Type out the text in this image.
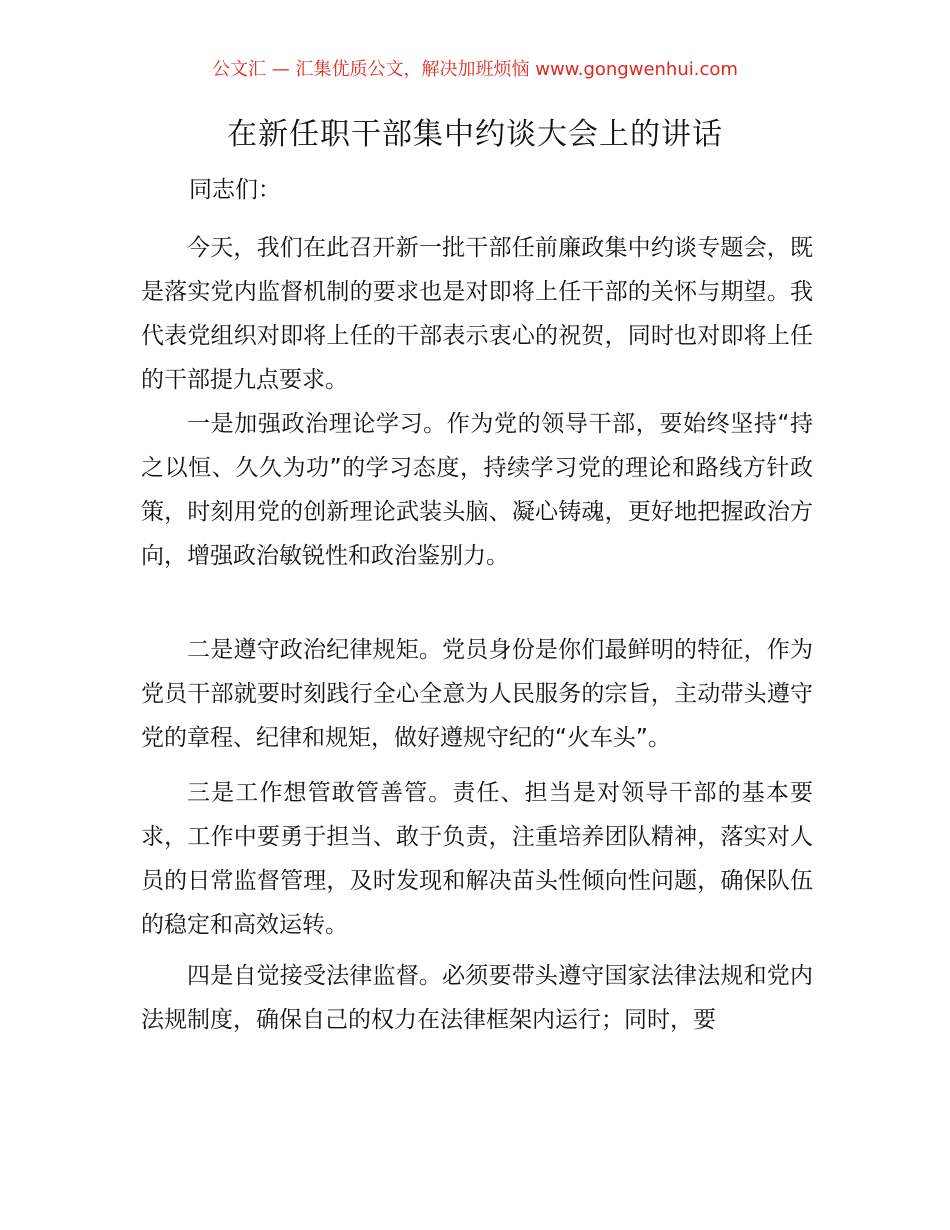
公文汇 — 汇集优质公文，解决加班烦恼 www.gongwenhui.com
在新任职干部集中约谈大会上的讲话
同志们：

今天，我们在此召开新一批干部任前廉政集中约谈专题会，既是落实党内监督机制的要求也是对即将上任干部的关怀与期望。我代表党组织对即将上任的干部表示衷心的祝贺，同时也对即将上任的干部提九点要求。

一是加强政治理论学习。作为党的领导干部，要始终坚持“持之以恒、久久为功”的学习态度，持续学习党的理论和路线方针政策，时刻用党的创新理论武装头脑、凝心铸魂，更好地把握政治方向，增强政治敏锐性和政治鉴别力。

二是遵守政治纪律规矩。党员身份是你们最鲜明的特征，作为党员干部就要时刻践行全心全意为人民服务的宗旨，主动带头遵守党的章程、纪律和规矩，做好遵规守纪的“火车头”。

三是工作想管敢管善管。责任、担当是对领导干部的基本要求，工作中要勇于担当、敢于负责，注重培养团队精神，落实对人员的日常监督管理，及时发现和解决苗头性倾向性问题，确保队伍的稳定和高效运转。

四是自觉接受法律监督。必须要带头遵守国家法律法规和党内法规制度，确保自己的权力在法律框架内运行；同时，要
